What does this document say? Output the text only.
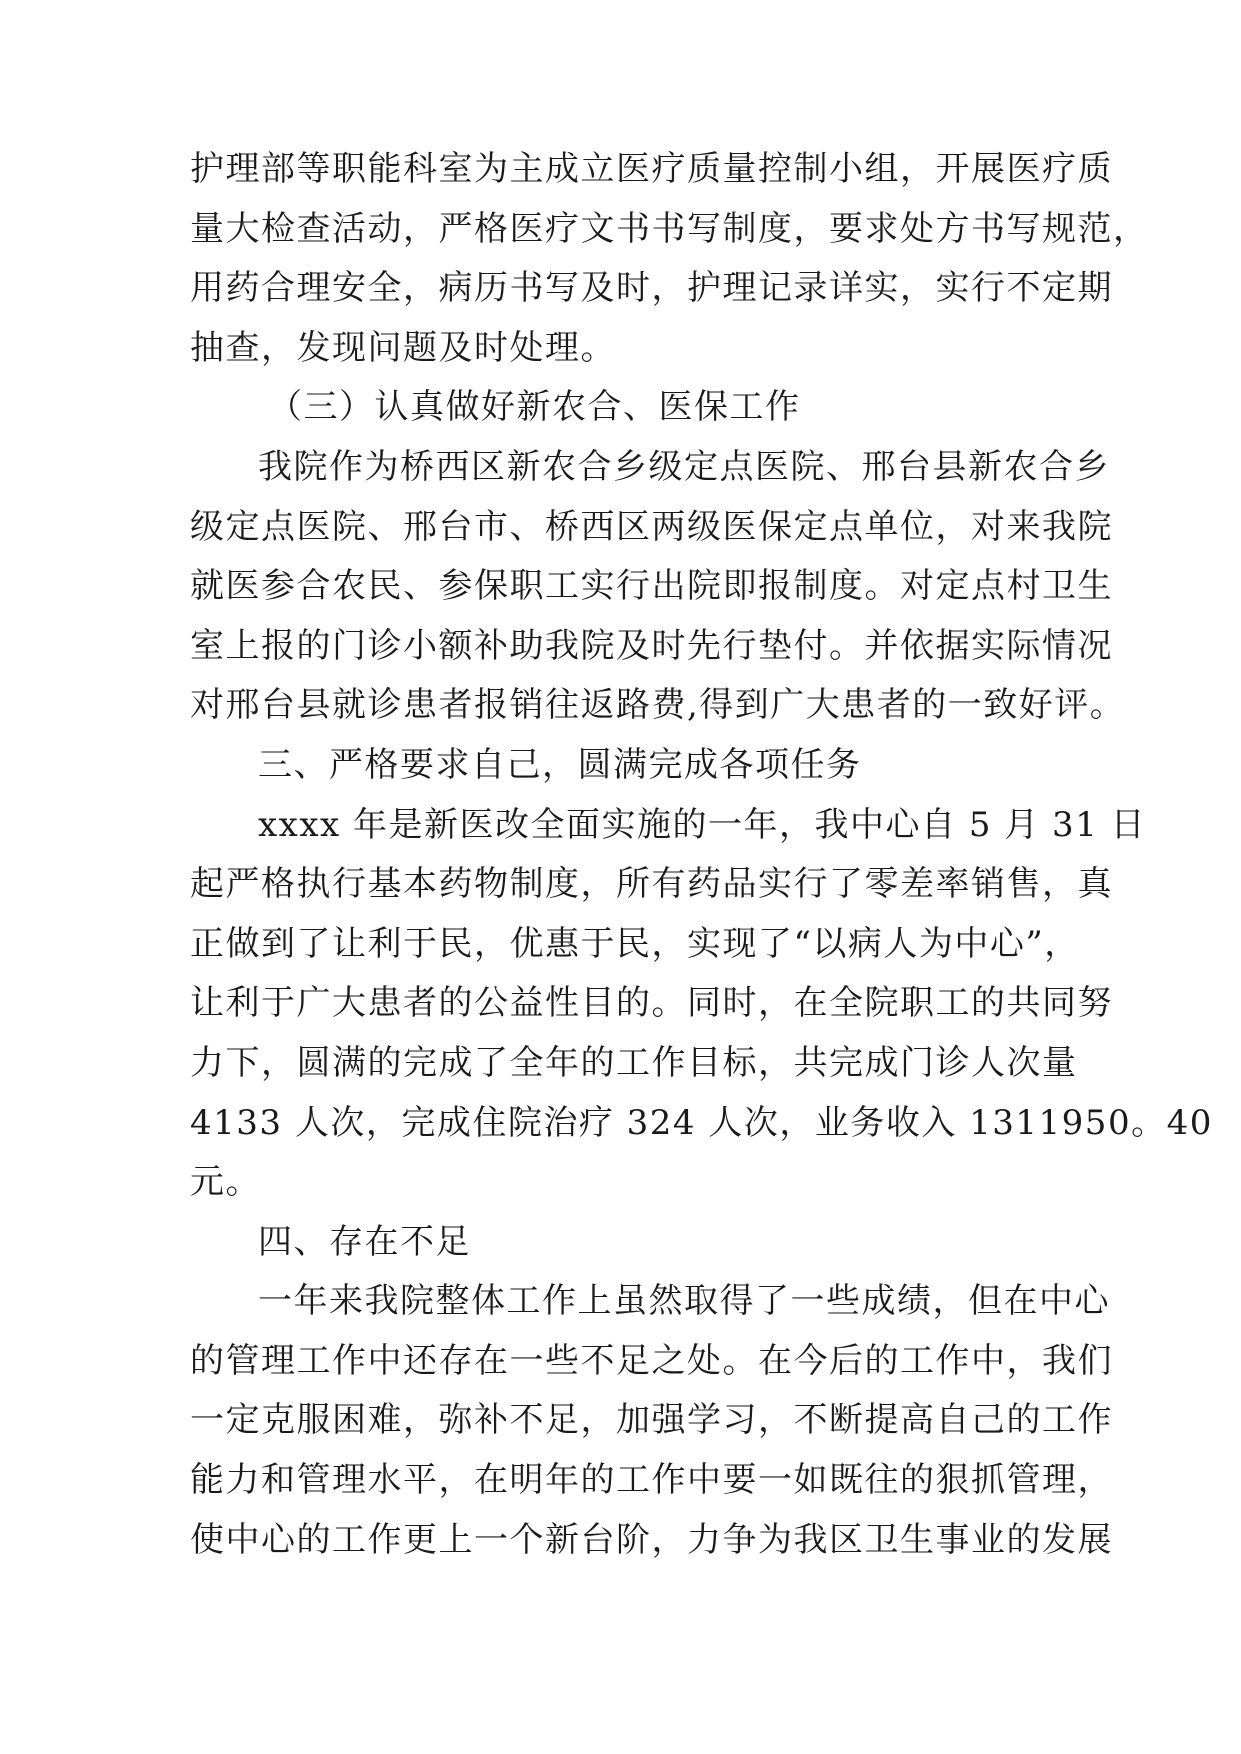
护理部等职能科室为主成立医疗质量控制小组，开展医疗质
量大检查活动，严格医疗文书书写制度，要求处方书写规范，
用药合理安全，病历书写及时，护理记录详实，实行不定期
抽查，发现问题及时处理。
（三）认真做好新农合、医保工作
我院作为桥西区新农合乡级定点医院、邢台县新农合乡
级定点医院、邢台市、桥西区两级医保定点单位，对来我院
就医参合农民、参保职工实行出院即报制度。对定点村卫生
室上报的门诊小额补助我院及时先行垫付。并依据实际情况
对邢台县就诊患者报销往返路费,得到广大患者的一致好评。
三、严格要求自己，圆满完成各项任务
xxxx 年是新医改全面实施的一年，我中心自 5 月 31 日
起严格执行基本药物制度，所有药品实行了零差率销售，真
正做到了让利于民，优惠于民，实现了“以病人为中心”，
让利于广大患者的公益性目的。同时，在全院职工的共同努
力下，圆满的完成了全年的工作目标，共完成门诊人次量
4133 人次，完成住院治疗 324 人次，业务收入 1311950。40
元。
四、存在不足
一年来我院整体工作上虽然取得了一些成绩，但在中心
的管理工作中还存在一些不足之处。在今后的工作中，我们
一定克服困难，弥补不足，加强学习，不断提高自己的工作
能力和管理水平，在明年的工作中要一如既往的狠抓管理，
使中心的工作更上一个新台阶，力争为我区卫生事业的发展
